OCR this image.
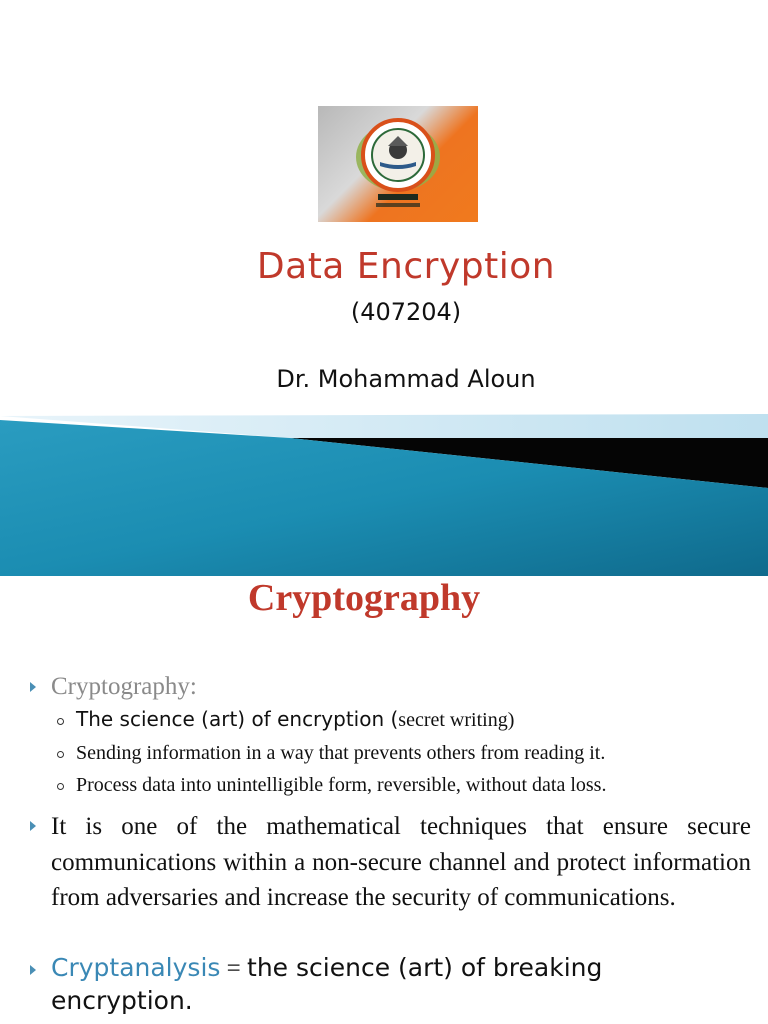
Data Encryption
(407204)
Dr. Mohammad Aloun
Cryptography
Cryptography:
The science (art) of encryption (secret writing)
Sending information in a way that prevents others from reading it.
Process data into unintelligible form, reversible, without data loss.
It is one of the mathematical techniques that ensure secure communications within a non-secure channel and protect information from adversaries and increase the security of communications.
Cryptanalysis = the science (art) of breaking encryption.
